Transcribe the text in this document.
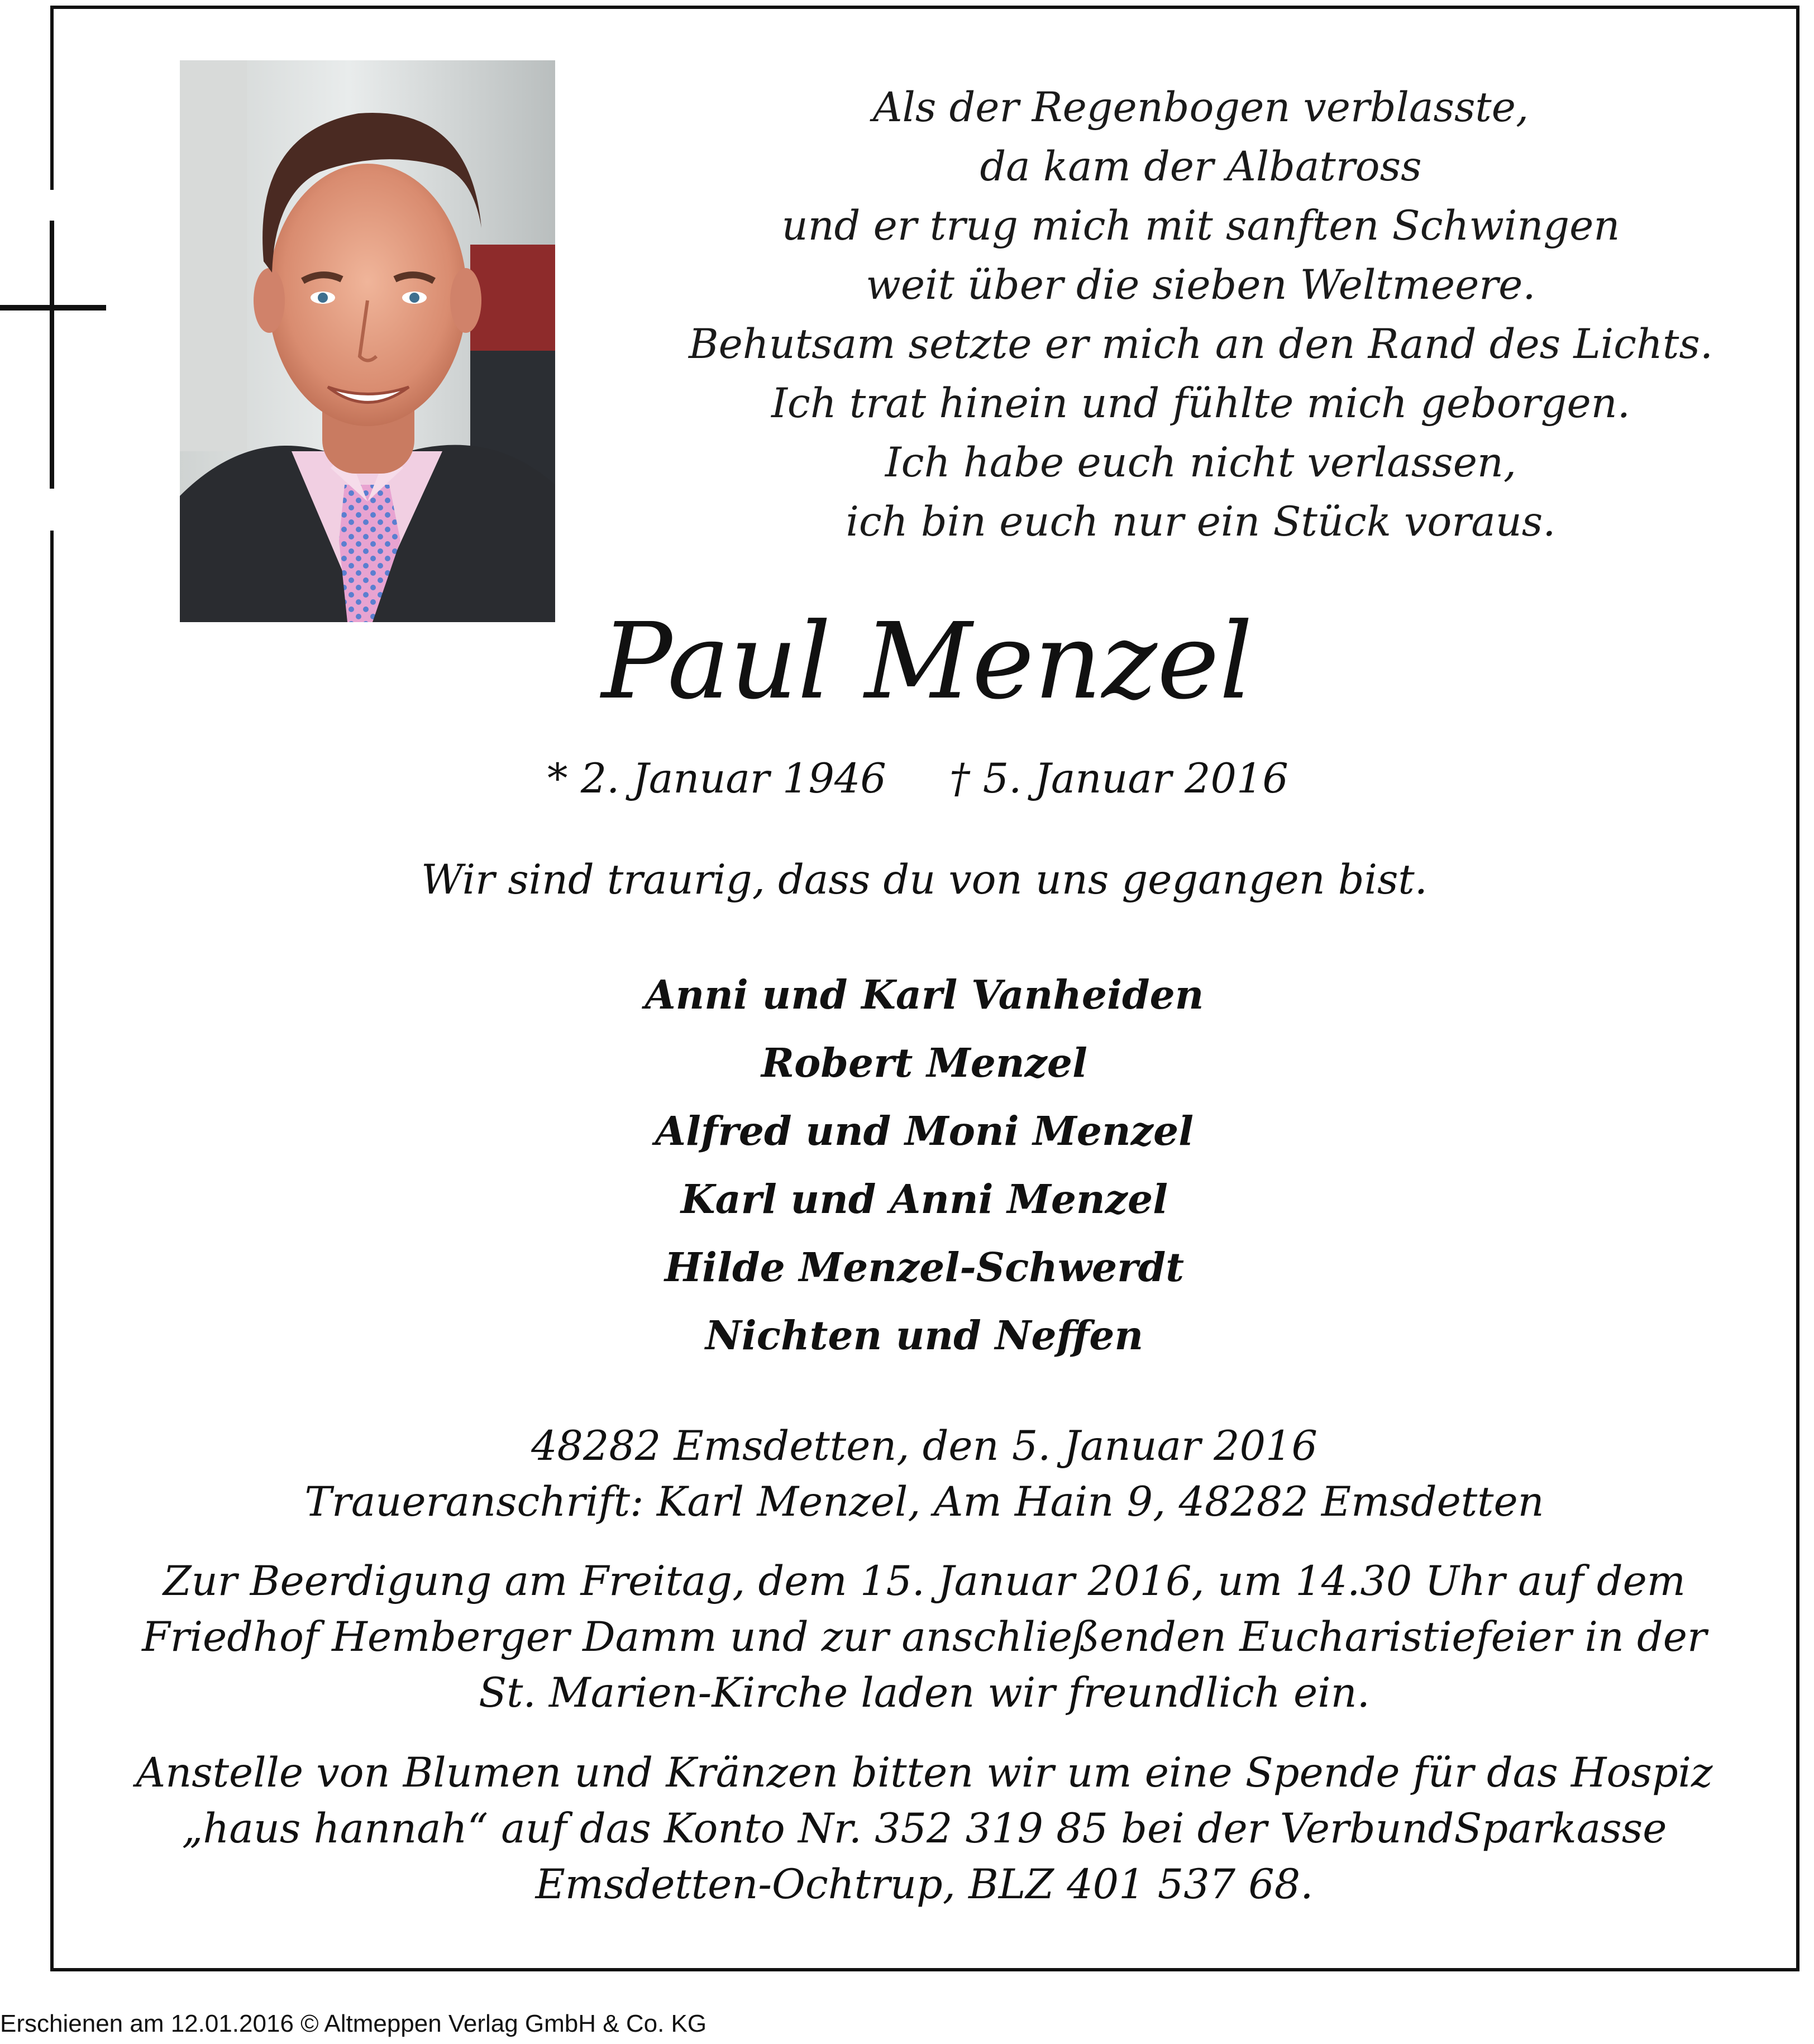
Als der Regenbogen verblasste,
da kam der Albatross
und er trug mich mit sanften Schwingen
weit über die sieben Weltmeere.
Behutsam setzte er mich an den Rand des Lichts.
Ich trat hinein und fühlte mich geborgen.
Ich habe euch nicht verlassen,
ich bin euch nur ein Stück voraus.
Paul Menzel
* 2. Januar 1946 † 5. Januar 2016
Wir sind traurig, dass du von uns gegangen bist.
Anni und Karl Vanheiden
Robert Menzel
Alfred und Moni Menzel
Karl und Anni Menzel
Hilde Menzel-Schwerdt
Nichten und Neffen
48282 Emsdetten, den 5. Januar 2016
Traueranschrift: Karl Menzel, Am Hain 9, 48282 Emsdetten
Zur Beerdigung am Freitag, dem 15. Januar 2016, um 14.30 Uhr auf dem
Friedhof Hemberger Damm und zur anschließenden Eucharistiefeier in der
St. Marien-Kirche laden wir freundlich ein.
Anstelle von Blumen und Kränzen bitten wir um eine Spende für das Hospiz
„haus hannah“ auf das Konto Nr. 352 319 85 bei der VerbundSparkasse
Emsdetten-Ochtrup, BLZ 401 537 68.
Erschienen am 12.01.2016 © Altmeppen Verlag GmbH & Co. KG
